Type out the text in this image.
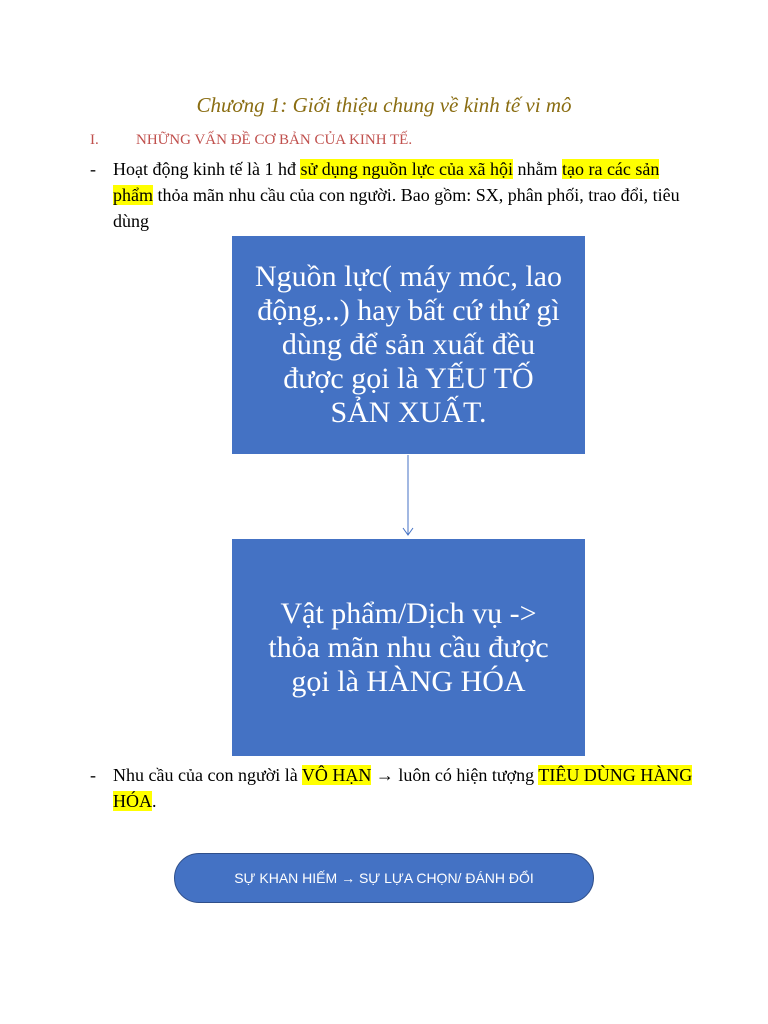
Chương 1: Giới thiệu chung về kinh tế vi mô
I. NHỮNG VẤN ĐỀ CƠ BẢN CỦA KINH TẾ.
- Hoạt động kinh tế là 1 hđ sử dụng nguồn lực của xã hội nhằm tạo ra các sản phẩm thỏa mãn nhu cầu của con người. Bao gồm: SX, phân phối, trao đổi, tiêu dùng
Nguồn lực( máy móc, lao động,..) hay bất cứ thứ gì dùng để sản xuất đều được gọi là YẾU TỐ SẢN XUẤT.
Vật phẩm/Dịch vụ -> thỏa mãn nhu cầu được gọi là HÀNG HÓA
- Nhu cầu của con người là VÔ HẠN → luôn có hiện tượng TIÊU DÙNG HÀNG HÓA.
SỰ KHAN HIẾM → SỰ LỰA CHỌN/ ĐÁNH ĐỔI
